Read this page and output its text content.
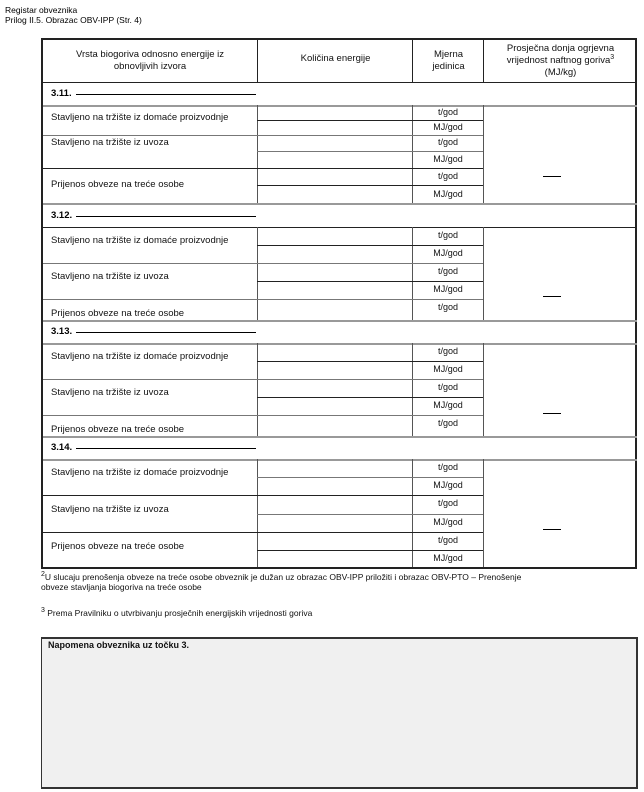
Registar obveznika
Prilog II.5. Obrazac OBV-IPP (Str. 4)
Vrsta biogoriva odnosno energije iz obnovljivih izvora
Količina energije	Mjerna jedinica
Prosječna donja ogrjevna vrijednost naftnog goriva$^3$
(MJ/kg)
3.11.
Stavljeno na tržište iz domaće proizvodnje
Stavljeno na tržište iz uvoza
Prijenos obveze na treće osobe
t/god
MJ/god
t/god
MJ/god
t/god
MJ/god
3.12.
Stavljeno na tržište iz domaće proizvodnje
Stavljeno na tržište iz uvoza
Prijenos obveze na treće osobe
t/god
MJ/god
t/god
MJ/god
t/god
3.13.
Stavljeno na tržište iz domaće proizvodnje
Stavljeno na tržište iz uvoza
Prijenos obveze na treće osobe
t/god
MJ/god
t/god
MJ/god
t/god
3.14.
Stavljeno na tržište iz domaće proizvodnje
Stavljeno na tržište iz uvoza
Prijenos obveze na treće osobe
t/god
MJ/god
t/god
MJ/god
t/god
MJ/god
$^2$U slucaju prenošenja obveze na treće osobe obveznik je dužan uz obrazac OBV-IPP priložiti i obrazac OBV-PTO – Prenošenje
obveze stavljanja biogoriva na treće osobe
$^3$ Prema Pravilniku o utvrbivanju prosječnih energijskih vrijednosti goriva
Napomena obveznika uz točku 3.
